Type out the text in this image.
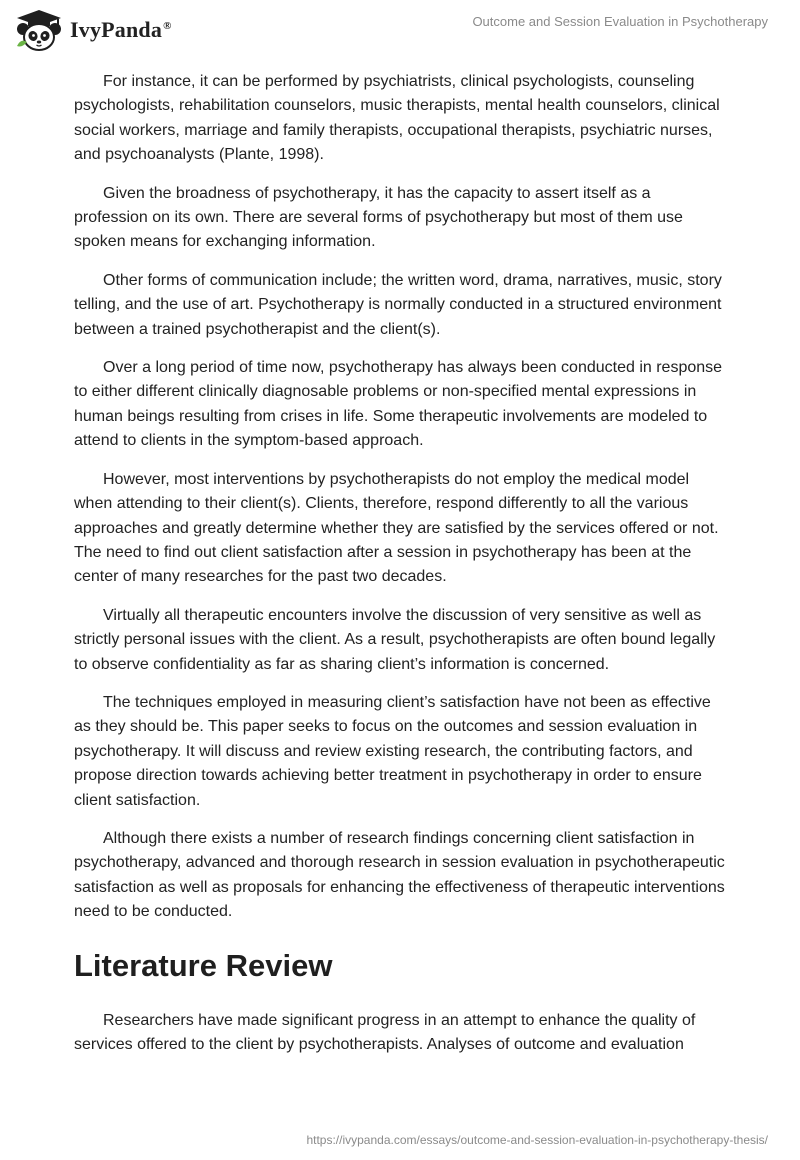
IvyPanda®	Outcome and Session Evaluation in Psychotherapy

For instance, it can be performed by psychiatrists, clinical psychologists, counseling psychologists, rehabilitation counselors, music therapists, mental health counselors, clinical social workers, marriage and family therapists, occupational therapists, psychiatric nurses, and psychoanalysts (Plante, 1998).

Given the broadness of psychotherapy, it has the capacity to assert itself as a profession on its own. There are several forms of psychotherapy but most of them use spoken means for exchanging information.

Other forms of communication include; the written word, drama, narratives, music, story telling, and the use of art. Psychotherapy is normally conducted in a structured environment between a trained psychotherapist and the client(s).

Over a long period of time now, psychotherapy has always been conducted in response to either different clinically diagnosable problems or non-specified mental expressions in human beings resulting from crises in life. Some therapeutic involvements are modeled to attend to clients in the symptom-based approach.

However, most interventions by psychotherapists do not employ the medical model when attending to their client(s). Clients, therefore, respond differently to all the various approaches and greatly determine whether they are satisfied by the services offered or not. The need to find out client satisfaction after a session in psychotherapy has been at the center of many researches for the past two decades.

Virtually all therapeutic encounters involve the discussion of very sensitive as well as strictly personal issues with the client. As a result, psychotherapists are often bound legally to observe confidentiality as far as sharing client’s information is concerned.

The techniques employed in measuring client’s satisfaction have not been as effective as they should be. This paper seeks to focus on the outcomes and session evaluation in psychotherapy. It will discuss and review existing research, the contributing factors, and propose direction towards achieving better treatment in psychotherapy in order to ensure client satisfaction.

Although there exists a number of research findings concerning client satisfaction in psychotherapy, advanced and thorough research in session evaluation in psychotherapeutic satisfaction as well as proposals for enhancing the effectiveness of therapeutic interventions need to be conducted.

Literature Review

Researchers have made significant progress in an attempt to enhance the quality of services offered to the client by psychotherapists. Analyses of outcome and evaluation

https://ivypanda.com/essays/outcome-and-session-evaluation-in-psychotherapy-thesis/
